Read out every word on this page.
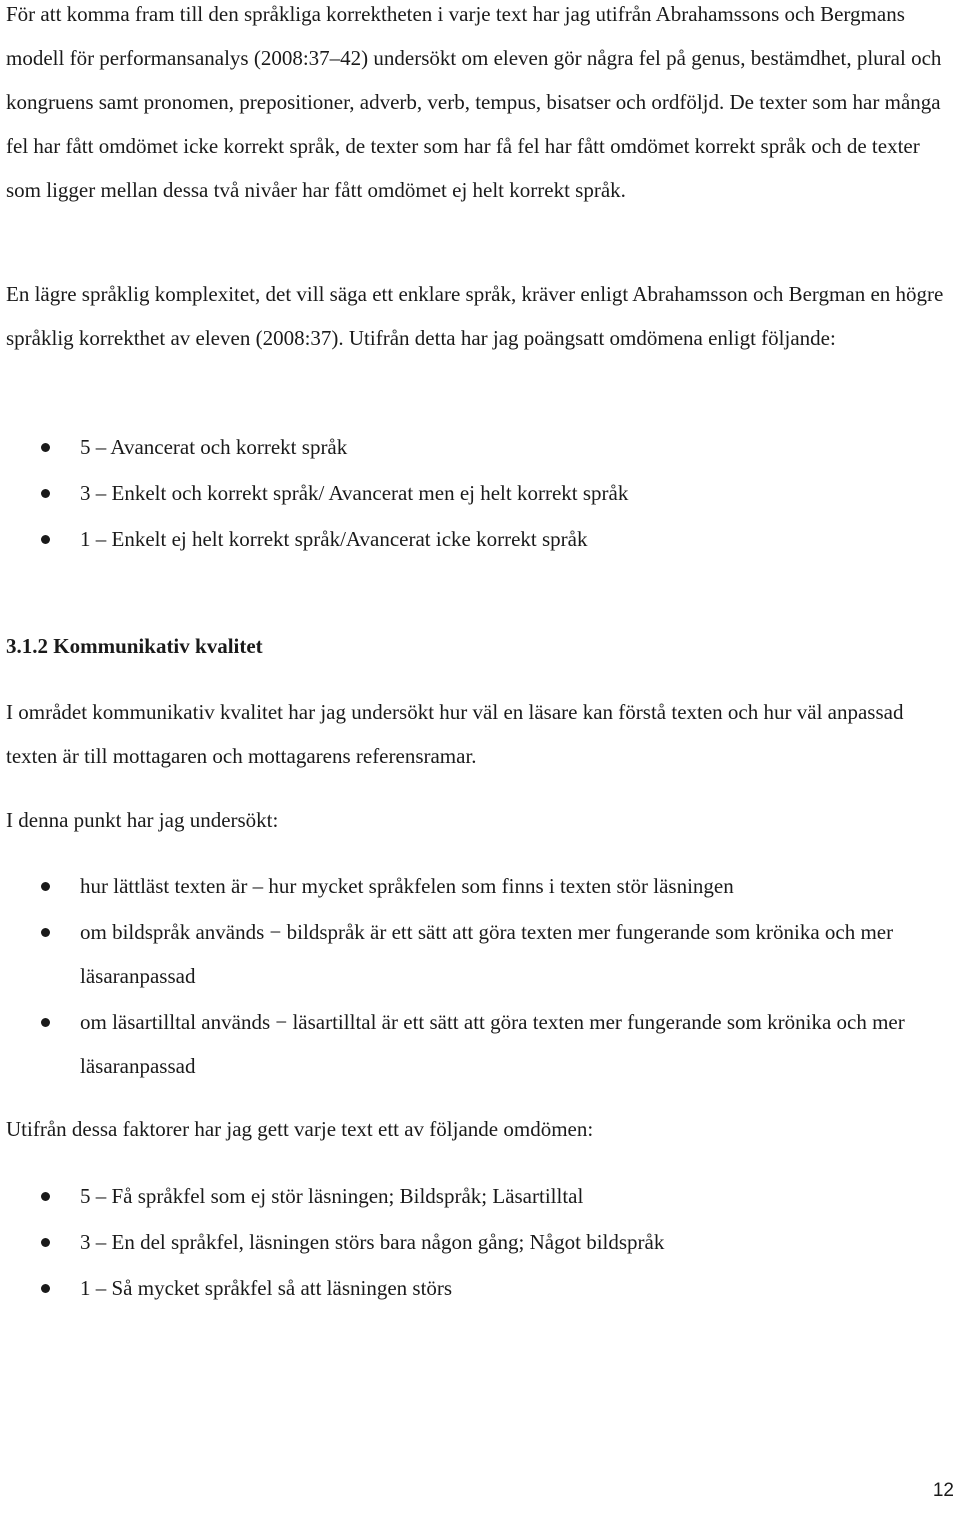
För att komma fram till den språkliga korrektheten i varje text har jag utifrån Abrahamssons och Bergmans modell för performansanalys (2008:37–42) undersökt om eleven gör några fel på genus, bestämdhet, plural och kongruens samt pronomen, prepositioner, adverb, verb, tempus, bisatser och ordföljd. De texter som har många fel har fått omdömet icke korrekt språk, de texter som har få fel har fått omdömet korrekt språk och de texter som ligger mellan dessa två nivåer har fått omdömet ej helt korrekt språk.

En lägre språklig komplexitet, det vill säga ett enklare språk, kräver enligt Abrahamsson och Bergman en högre språklig korrekthet av eleven (2008:37). Utifrån detta har jag poängsatt omdömena enligt följande:

5 – Avancerat och korrekt språk
3 – Enkelt och korrekt språk/ Avancerat men ej helt korrekt språk
1 – Enkelt ej helt korrekt språk/Avancerat icke korrekt språk
3.1.2 Kommunikativ kvalitet

I området kommunikativ kvalitet har jag undersökt hur väl en läsare kan förstå texten och hur väl anpassad texten är till mottagaren och mottagarens referensramar.

I denna punkt har jag undersökt:

hur lättläst texten är – hur mycket språkfelen som finns i texten stör läsningen
om bildspråk används − bildspråk är ett sätt att göra texten mer fungerande som krönika och mer läsaranpassad
om läsartilltal används − läsartilltal är ett sätt att göra texten mer fungerande som krönika och mer läsaranpassad

Utifrån dessa faktorer har jag gett varje text ett av följande omdömen:

5 – Få språkfel som ej stör läsningen; Bildspråk; Läsartilltal
3 – En del språkfel, läsningen störs bara någon gång; Något bildspråk
1 – Så mycket språkfel så att läsningen störs
12
